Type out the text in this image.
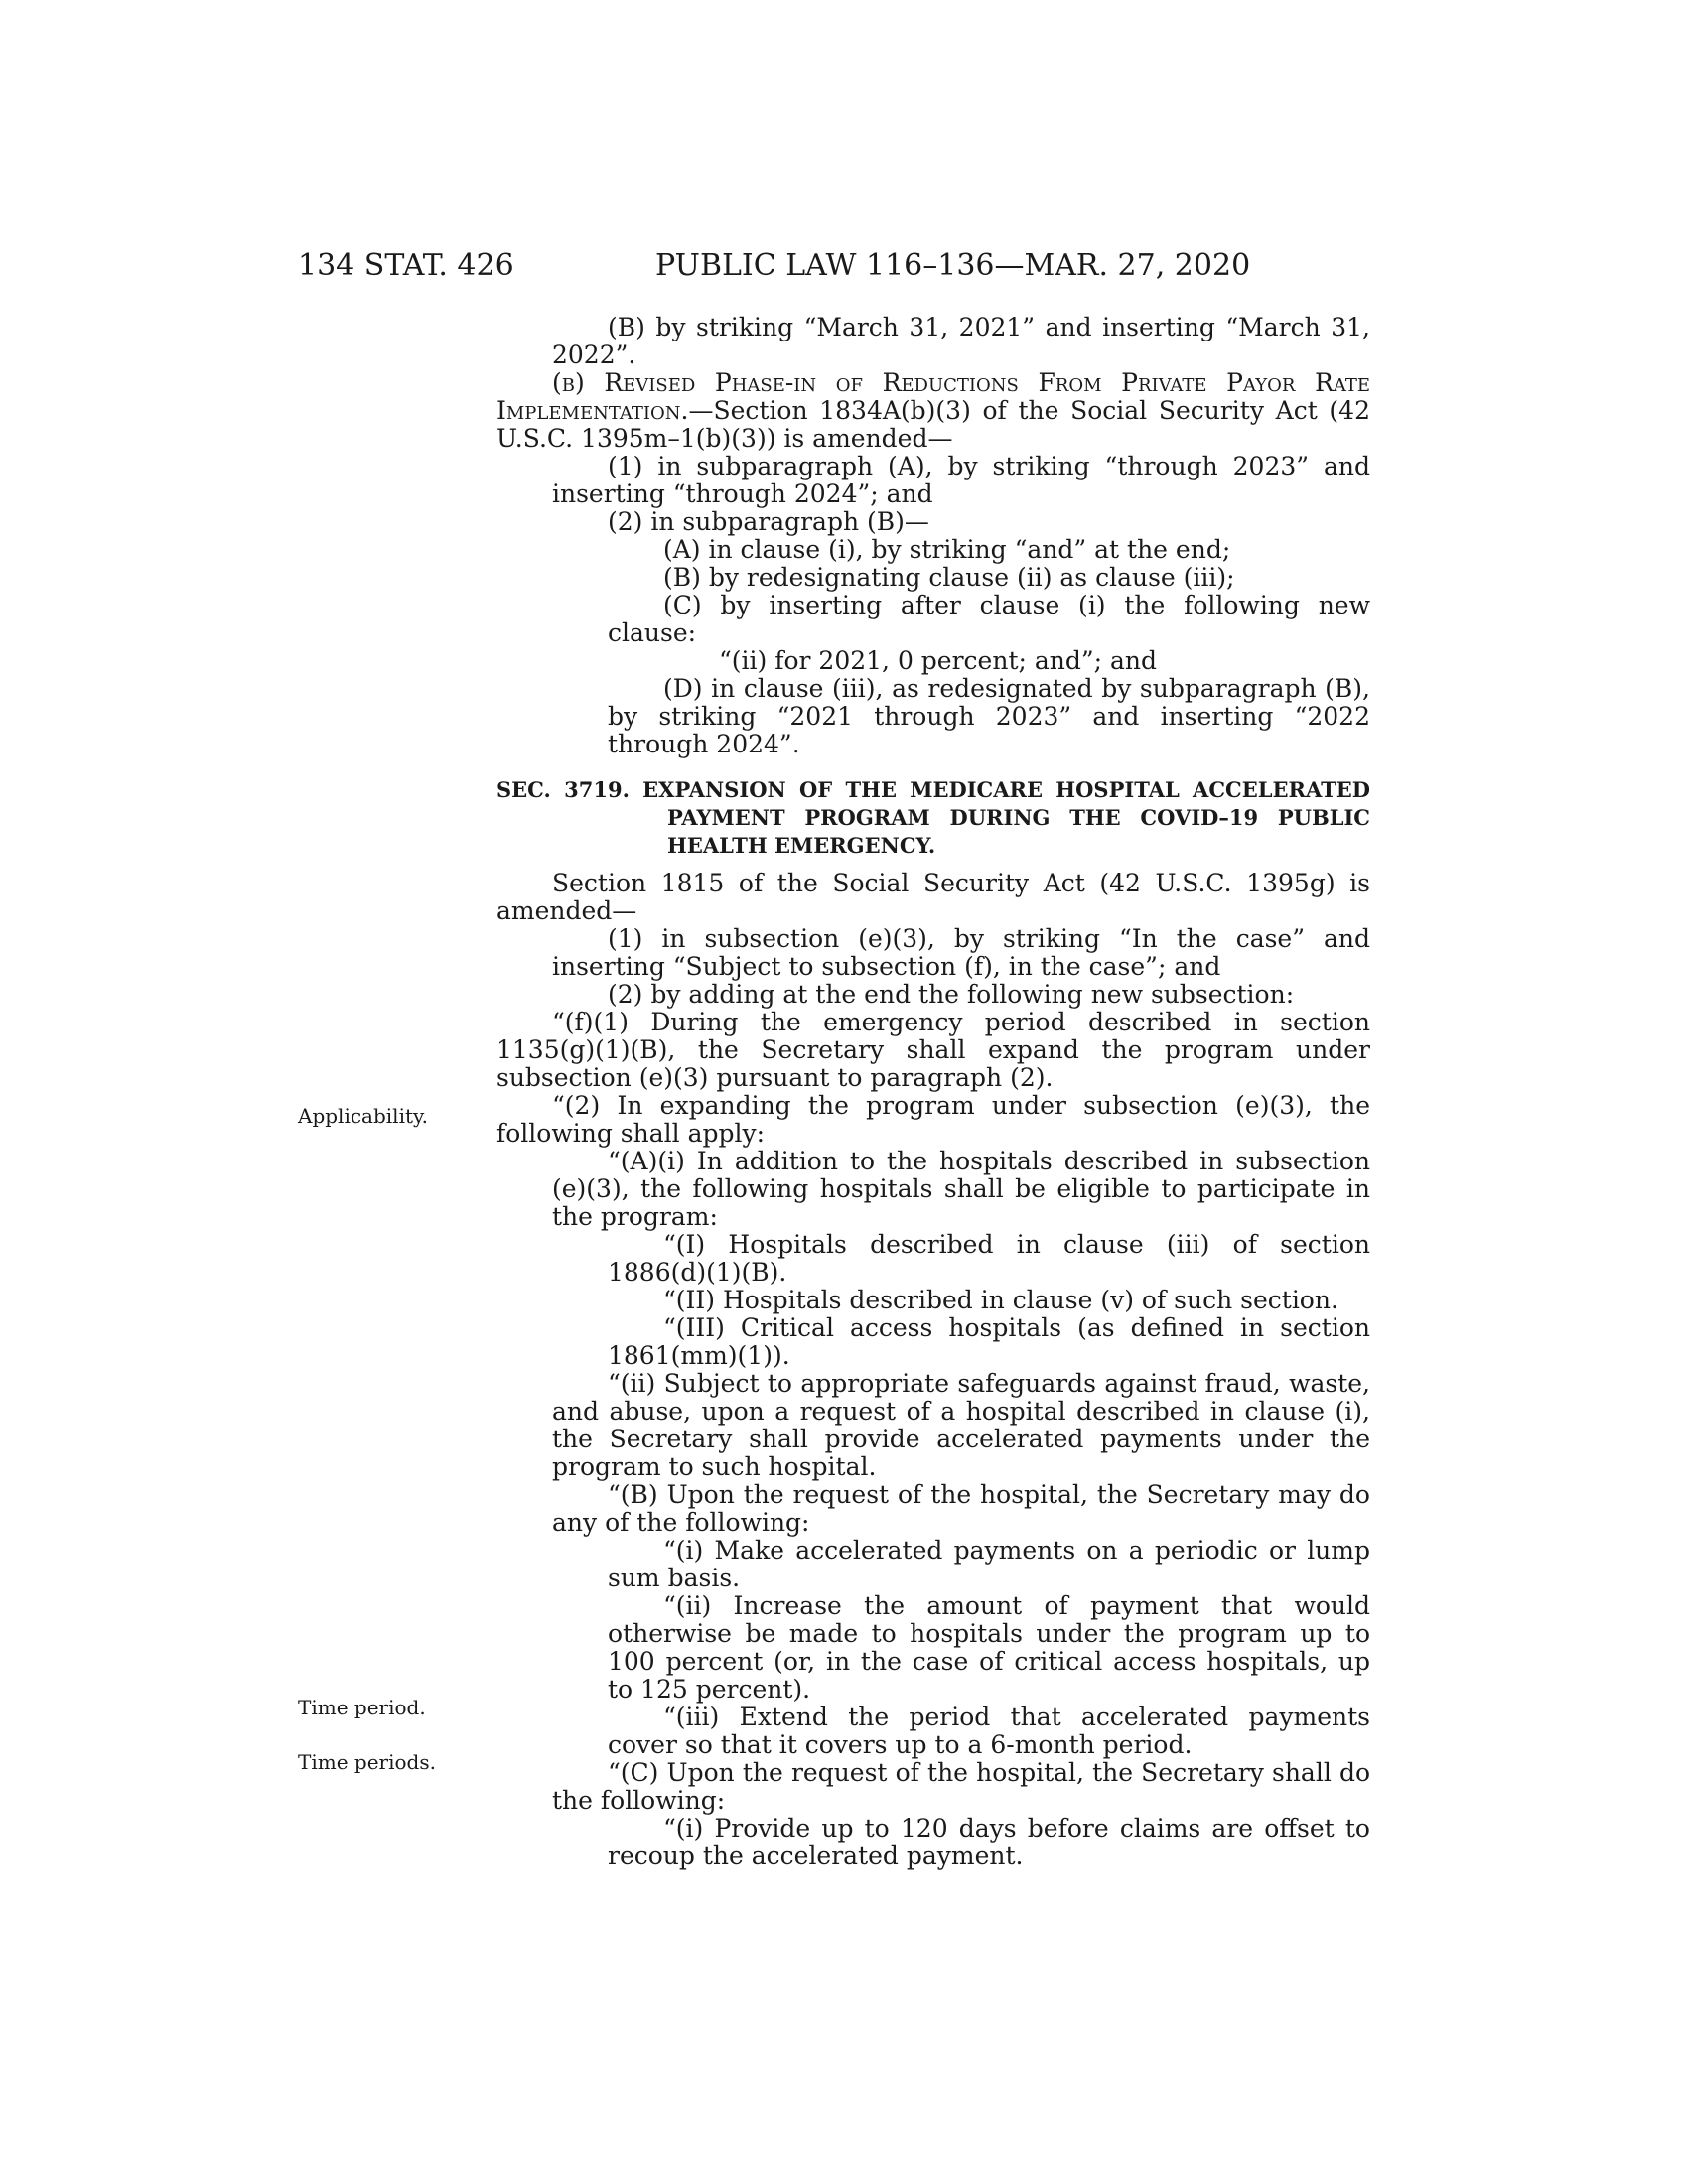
134 STAT. 426	PUBLIC LAW 116–136—MAR. 27, 2020
Applicability.
Time period.
Time periods.

(B) by striking “March 31, 2021” and inserting “March 31, 2022”.

(b) Revised Phase-in of Reductions From Private Payor Rate Implementation.—Section 1834A(b)(3) of the Social Security Act (42 U.S.C. 1395m–1(b)(3)) is amended—

(1) in subparagraph (A), by striking “through 2023” and inserting “through 2024”; and

(2) in subparagraph (B)—

(A) in clause (i), by striking “and” at the end;

(B) by redesignating clause (ii) as clause (iii);

(C) by inserting after clause (i) the following new clause:

“(ii) for 2021, 0 percent; and”; and

(D) in clause (iii), as redesignated by subparagraph (B), by striking “2021 through 2023” and inserting “2022 through 2024”.

SEC. 3719. EXPANSION OF THE MEDICARE HOSPITAL ACCELERATED PAYMENT PROGRAM DURING THE COVID–19 PUBLIC HEALTH EMERGENCY.

Section 1815 of the Social Security Act (42 U.S.C. 1395g) is amended—

(1) in subsection (e)(3), by striking “In the case” and inserting “Subject to subsection (f), in the case”; and

(2) by adding at the end the following new subsection:

“(f)(1) During the emergency period described in section 1135(g)(1)(B), the Secretary shall expand the program under subsection (e)(3) pursuant to paragraph (2).

“(2) In expanding the program under subsection (e)(3), the following shall apply:

“(A)(i) In addition to the hospitals described in subsection (e)(3), the following hospitals shall be eligible to participate in the program:

“(I) Hospitals described in clause (iii) of section 1886(d)(1)(B).

“(II) Hospitals described in clause (v) of such section.

“(III) Critical access hospitals (as defined in section 1861(mm)(1)).

“(ii) Subject to appropriate safeguards against fraud, waste, and abuse, upon a request of a hospital described in clause (i), the Secretary shall provide accelerated payments under the program to such hospital.

“(B) Upon the request of the hospital, the Secretary may do any of the following:

“(i) Make accelerated payments on a periodic or lump sum basis.

“(ii) Increase the amount of payment that would otherwise be made to hospitals under the program up to 100 percent (or, in the case of critical access hospitals, up to 125 percent).

“(iii) Extend the period that accelerated payments cover so that it covers up to a 6-month period.

“(C) Upon the request of the hospital, the Secretary shall do the following:

“(i) Provide up to 120 days before claims are offset to recoup the accelerated payment.
